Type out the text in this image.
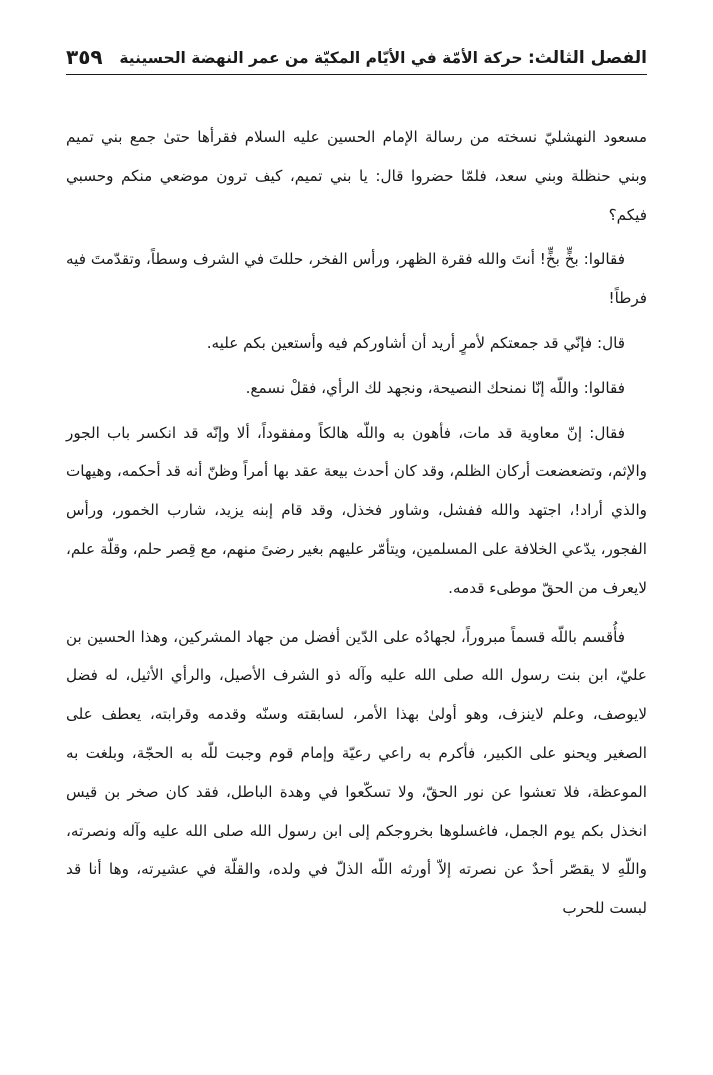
الفصل الثالث: حركة الأمّة في الأيّام المكيّة من عمر النهضة الحسينية
٣٥٩

مسعود النهشليّ نسخته من رسالة الإمام الحسين عليه السلام فقرأها حتىٰ جمع بني تميم وبني حنظلة وبني سعد، فلمّا حضروا قال: يا بني تميم، كيف ترون موضعي منكم وحسبي فيكم؟

فقالوا: بخٍّ بخٍّ! أنتَ والله فقرة الظهر، ورأس الفخر، حللتَ في الشرف وسطاً، وتقدّمتَ فيه فرطاً!

قال: فإنّي قد جمعتكم لأمرٍ أريد أن أشاوركم فيه وأستعين بكم عليه.

فقالوا: واللّه إنّا نمنحك النصيحة، ونجهد لك الرأي، فقلْ نسمع.

فقال: إنّ معاوية قد مات، فأهون به واللّه هالكاً ومفقوداً، ألا وإنّه قد انكسر باب الجور والإثم، وتضعضعت أركان الظلم، وقد كان أحدث بيعة عقد بها أمراً وظنّ أنه قد أحكمه، وهيهات والذي أراد!، اجتهد والله ففشل، وشاور فخذل، وقد قام إبنه يزيد، شارب الخمور، ورأس الفجور، يدّعي الخلافة على المسلمين، ويتأمّر عليهم بغير رضىً منهم، مع قِصر حلم، وقلّة علم، لايعرف من الحقّ موطىء قدمه.

فأُقسم باللّه قسماً مبروراً، لجهادُه على الدّين أفضل من جهاد المشركين، وهذا الحسين بن عليّ، ابن بنت رسول الله صلى الله عليه وآله ذو الشرف الأصيل، والرأي الأثيل، له فضل لايوصف، وعلم لاينزف، وهو أولىٰ بهذا الأمر، لسابقته وسنّه وقدمه وقرابته، يعطف على الصغير ويحنو على الكبير، فأكرم به راعي رعيّة وإمام قوم وجبت للّه به الحجّة، وبلغت به الموعظة، فلا تعشوا عن نور الحقّ، ولا تسكّعوا في وهدة الباطل، فقد كان صخر بن قيس انخذل بكم يوم الجمل، فاغسلوها بخروجكم إلى ابن رسول الله صلى الله عليه وآله ونصرته، واللّهِ لا يقصّر أحدٌ عن نصرته إلاّ أورثه اللّه الذلّ في ولده، والقلّة في عشيرته، وها أنا قد لبست للحرب
